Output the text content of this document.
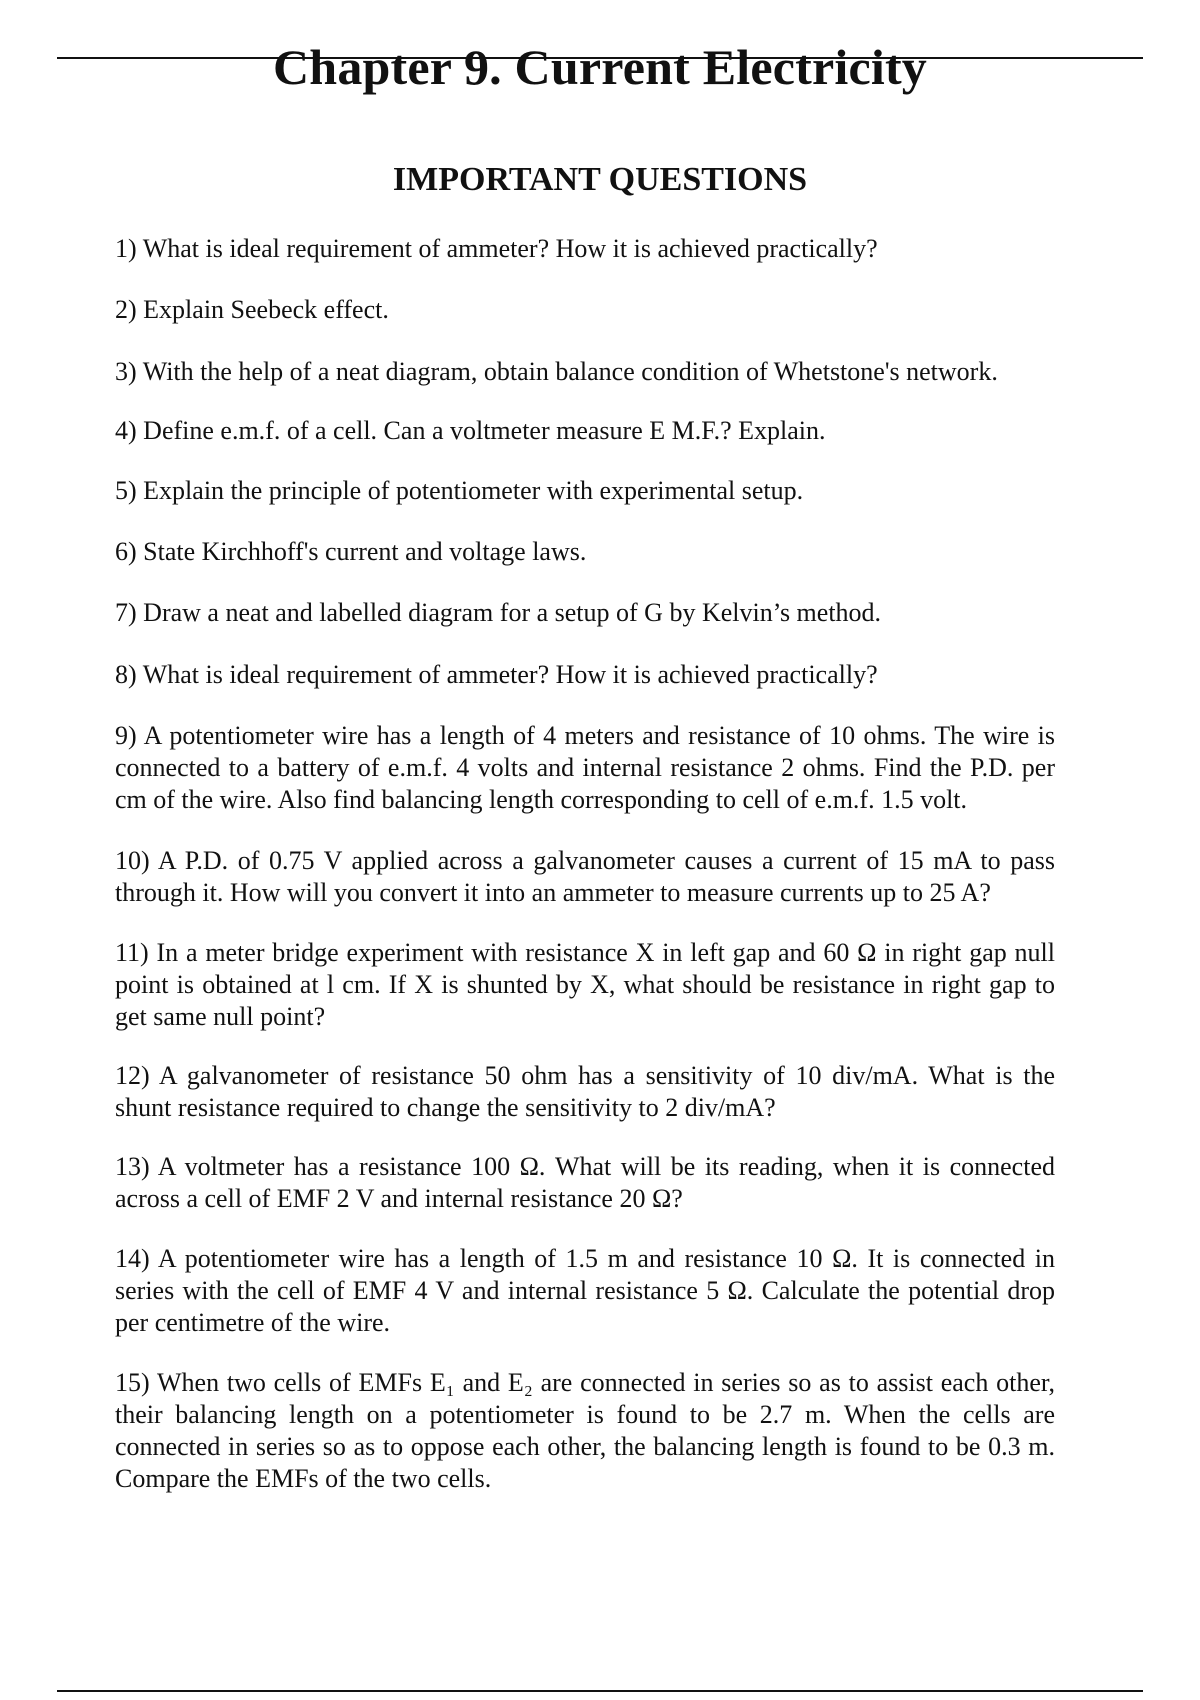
Chapter 9. Current Electricity
IMPORTANT QUESTIONS
1) What is ideal requirement of ammeter? How it is achieved practically?
2) Explain Seebeck effect.
3) With the help of a neat diagram, obtain balance condition of Whetstone's network.
4) Define e.m.f. of a cell. Can a voltmeter measure E M.F.? Explain.
5) Explain the principle of potentiometer with experimental setup.
6) State Kirchhoff's current and voltage laws.
7) Draw a neat and labelled diagram for a setup of G by Kelvin’s method.
8) What is ideal requirement of ammeter? How it is achieved practically?
9) A potentiometer wire has a length of 4 meters and resistance of 10 ohms. The wire is connected to a battery of e.m.f. 4 volts and internal resistance 2 ohms. Find the P.D. per cm of the wire. Also find balancing length corresponding to cell of e.m.f. 1.5 volt.
10) A P.D. of 0.75 V applied across a galvanometer causes a current of 15 mA to pass through it. How will you convert it into an ammeter to measure currents up to 25 A?
11) In a meter bridge experiment with resistance X in left gap and 60 Ω in right gap null point is obtained at l cm. If X is shunted by X, what should be resistance in right gap to get same null point?
12) A galvanometer of resistance 50 ohm has a sensitivity of 10 div/mA. What is the
shunt resistance required to change the sensitivity to 2 div/mA?
13) A voltmeter has a resistance 100 Ω. What will be its reading, when it is connected across a cell of EMF 2 V and internal resistance 20 Ω?
14) A potentiometer wire has a length of 1.5 m and resistance 10 Ω. It is connected in series with the cell of EMF 4 V and internal resistance 5 Ω. Calculate the potential drop per centimetre of the wire.
15) When two cells of EMFs E₁ and E₂ are connected in series so as to assist each other, their balancing length on a potentiometer is found to be 2.7 m. When the cells are connected in series so as to oppose each other, the balancing length is found to be 0.3 m. Compare the EMFs of the two cells.
